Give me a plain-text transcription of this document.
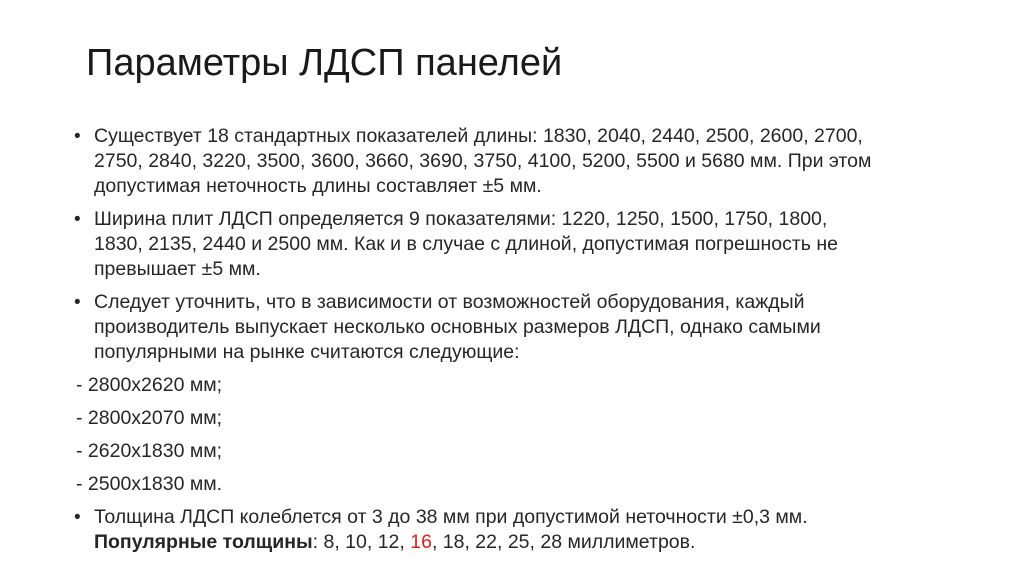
Параметры ЛДСП панелей
• Существует 18 стандартных показателей длины: 1830, 2040, 2440, 2500, 2600, 2700,
2750, 2840, 3220, 3500, 3600, 3660, 3690, 3750, 4100, 5200, 5500 и 5680 мм. При этом
допустимая неточность длины составляет ±5 мм.
• Ширина плит ЛДСП определяется 9 показателями: 1220, 1250, 1500, 1750, 1800,
1830, 2135, 2440 и 2500 мм. Как и в случае с длиной, допустимая погрешность не
превышает ±5 мм.
• Следует уточнить, что в зависимости от возможностей оборудования, каждый
производитель выпускает несколько основных размеров ЛДСП, однако самыми
популярными на рынке считаются следующие:
- 2800х2620 мм;
- 2800х2070 мм;
- 2620х1830 мм;
- 2500х1830 мм.
• Толщина ЛДСП колеблется от 3 до 38 мм при допустимой неточности ±0,3 мм.
Популярные толщины: 8, 10, 12, 16, 18, 22, 25, 28 миллиметров.
